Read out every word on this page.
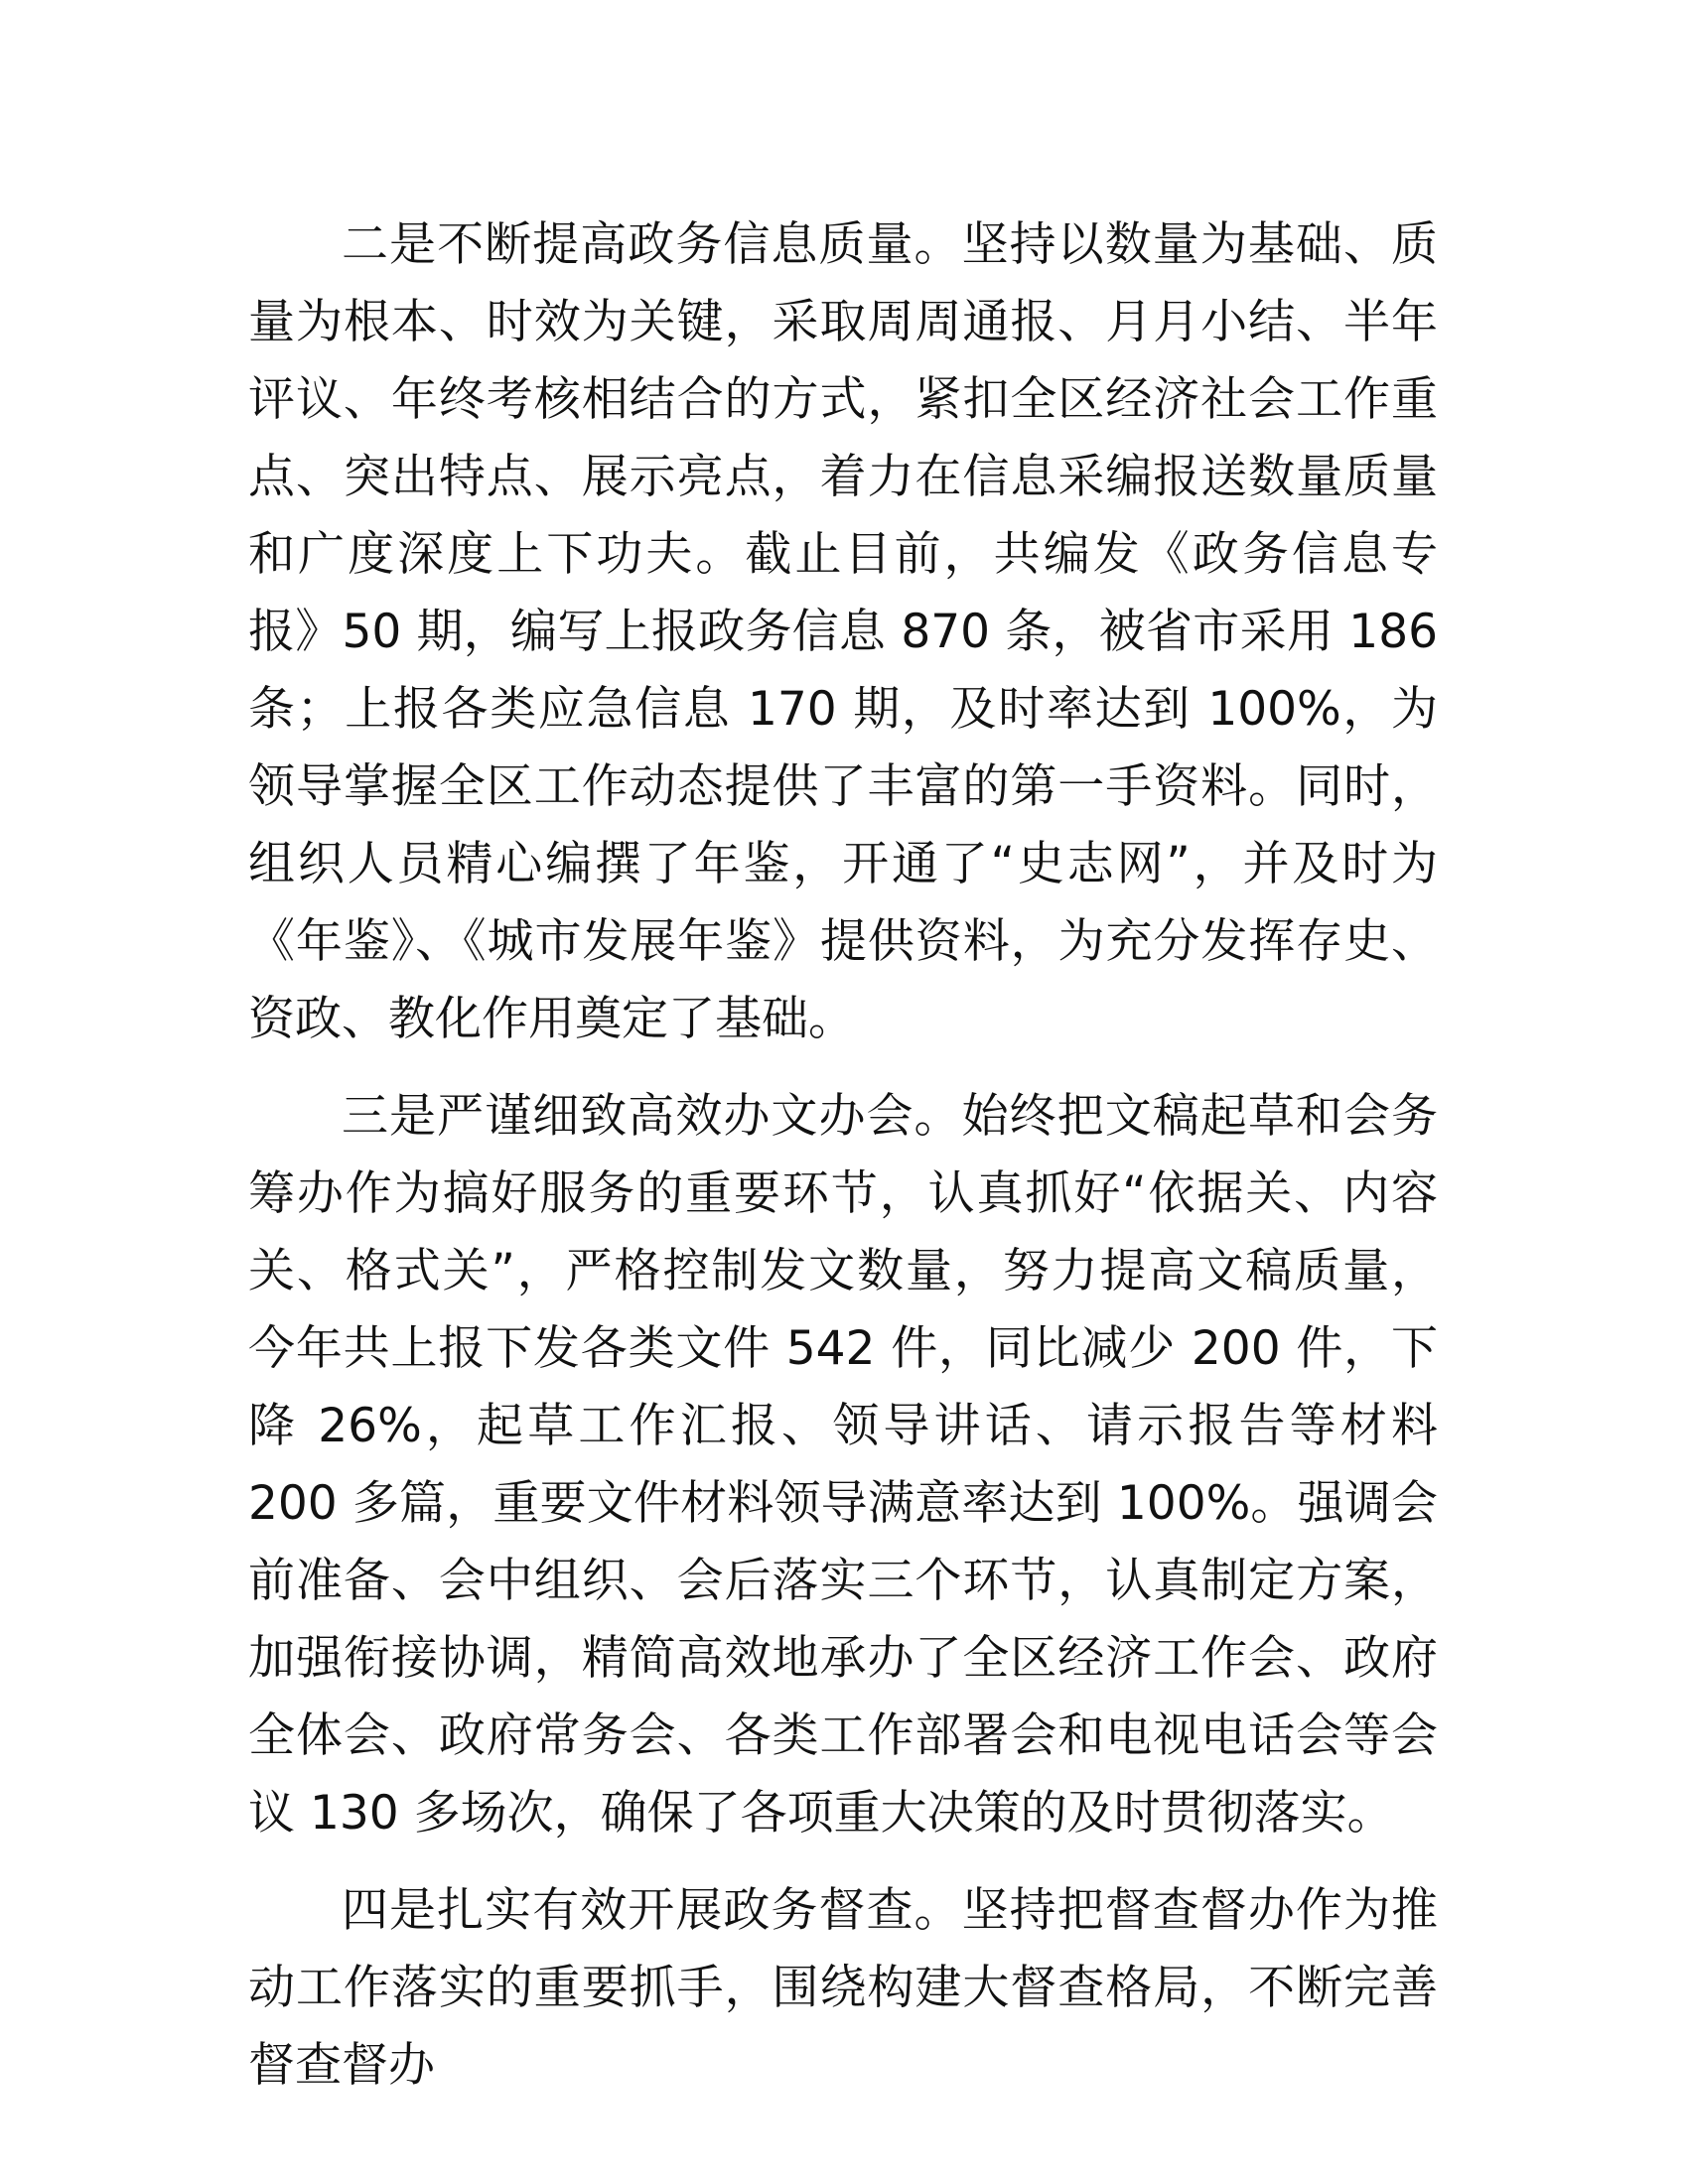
二是不断提高政务信息质量。坚持以数量为基础、质量为根本、时效为关键，采取周周通报、月月小结、半年评议、年终考核相结合的方式，紧扣全区经济社会工作重点、突出特点、展示亮点，着力在信息采编报送数量质量和广度深度上下功夫。截止目前，共编发《政务信息专报》50 期，编写上报政务信息 870 条，被省市采用 186 条；上报各类应急信息 170 期，及时率达到 100%，为领导掌握全区工作动态提供了丰富的第一手资料。同时，组织人员精心编撰了年鉴，开通了“史志网”，并及时为《年鉴》、《城市发展年鉴》提供资料，为充分发挥存史、资政、教化作用奠定了基础。

三是严谨细致高效办文办会。始终把文稿起草和会务筹办作为搞好服务的重要环节，认真抓好“依据关、内容关、格式关”，严格控制发文数量，努力提高文稿质量，今年共上报下发各类文件 542 件，同比减少 200 件，下降 26%，起草工作汇报、领导讲话、请示报告等材料 200 多篇，重要文件材料领导满意率达到 100%。强调会前准备、会中组织、会后落实三个环节，认真制定方案，加强衔接协调，精简高效地承办了全区经济工作会、政府全体会、政府常务会、各类工作部署会和电视电话会等会议 130 多场次，确保了各项重大决策的及时贯彻落实。

四是扎实有效开展政务督查。坚持把督查督办作为推动工作落实的重要抓手，围绕构建大督查格局，不断完善督查督办
